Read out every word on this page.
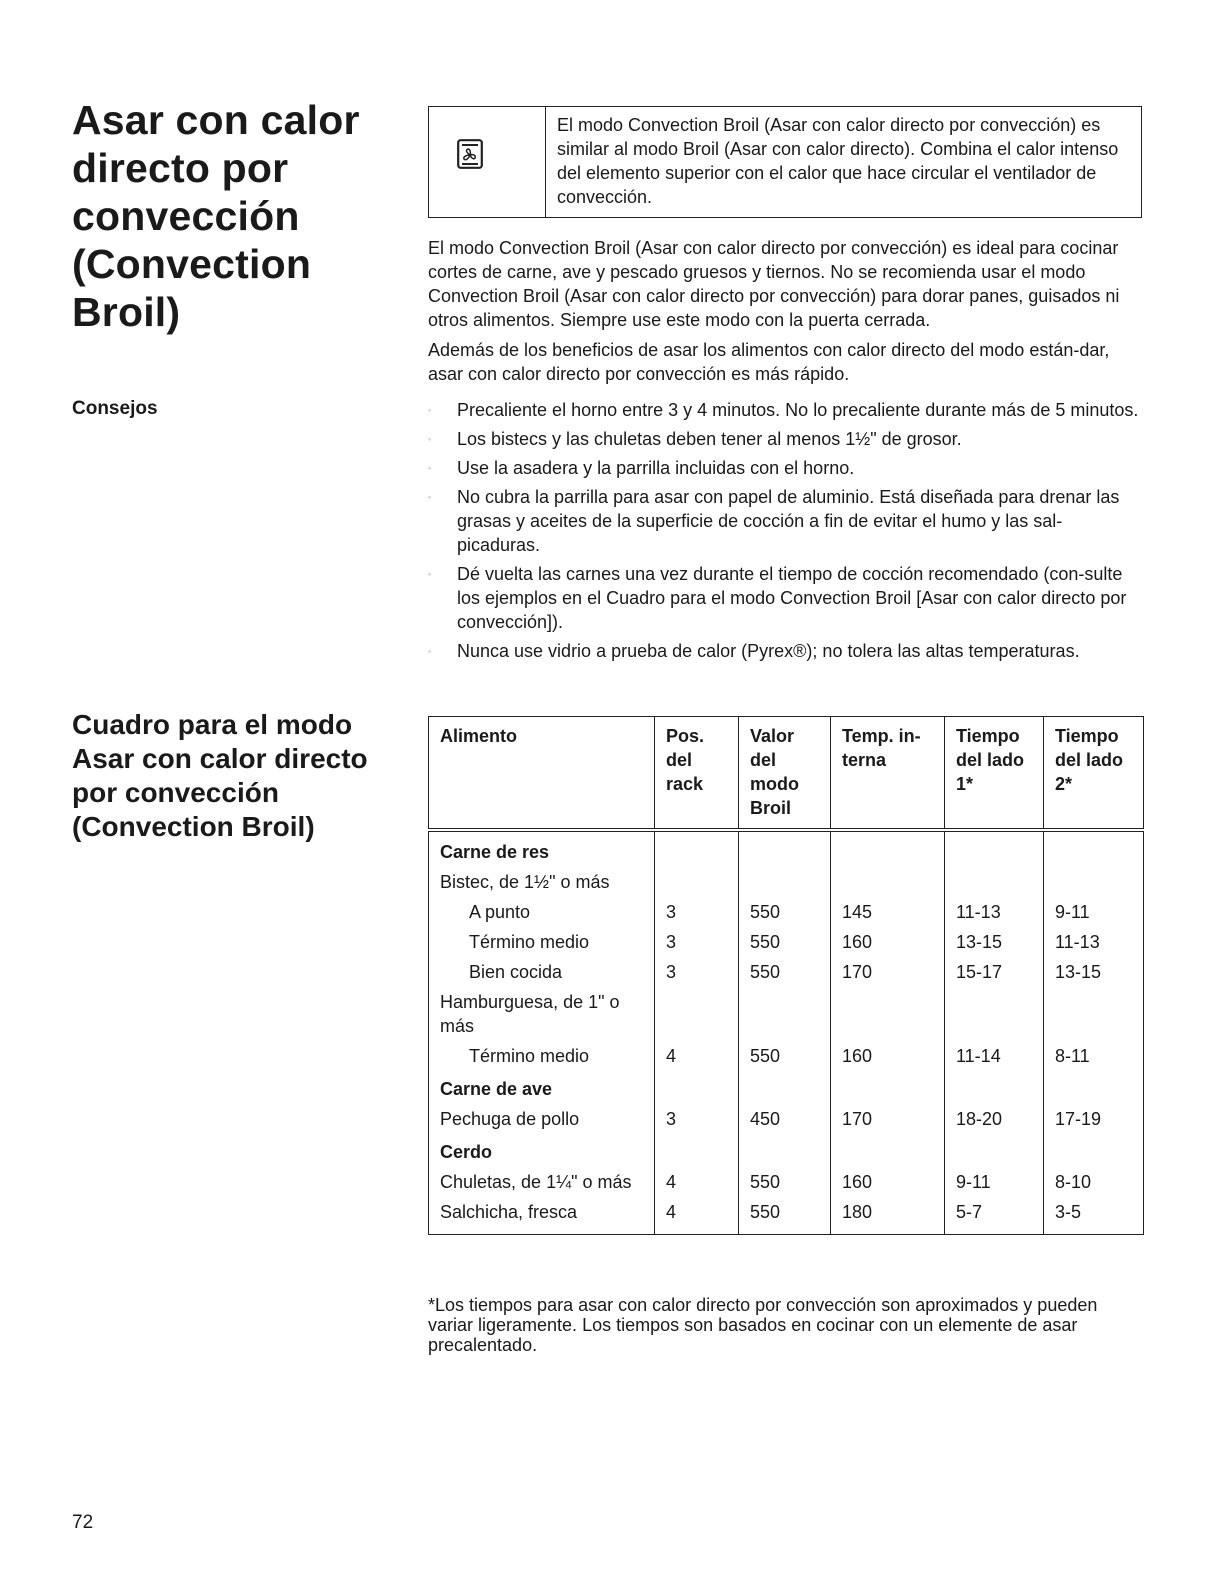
Asar con calor directo por convección (Convection Broil)
Consejos
Cuadro para el modo Asar con calor directo por convección (Convection Broil)
El modo Convection Broil (Asar con calor directo por convección) es similar al modo Broil (Asar con calor directo). Combina el calor intenso del elemento superior con el calor que hace circular el ventilador de convección.

El modo Convection Broil (Asar con calor directo por convección) es ideal para cocinar cortes de carne, ave y pescado gruesos y tiernos. No se recomienda usar el modo Convection Broil (Asar con calor directo por convección) para dorar panes, guisados ni otros alimentos. Siempre use este modo con la puerta cerrada.

Además de los beneficios de asar los alimentos con calor directo del modo están-dar, asar con calor directo por convección es más rápido.

◦ Precaliente el horno entre 3 y 4 minutos. No lo precaliente durante más de 5 minutos.
◦ Los bistecs y las chuletas deben tener al menos 1½" de grosor.
◦ Use la asadera y la parrilla incluidas con el horno.
◦ No cubra la parrilla para asar con papel de aluminio. Está diseñada para drenar las grasas y aceites de la superficie de cocción a fin de evitar el humo y las sal-picaduras.
◦ Dé vuelta las carnes una vez durante el tiempo de cocción recomendado (con-sulte los ejemplos en el Cuadro para el modo Convection Broil [Asar con calor directo por convección]).
◦ Nunca use vidrio a prueba de calor (Pyrex®); no tolera las altas temperaturas.
Alimento	Pos. del rack	Valor del modo Broil	Temp. in-terna	Tiempo del lado 1*	Tiempo del lado 2*
Carne de res					
Bistec, de 1½" o más					
A punto	3	550	145	11-13	9-11
Término medio	3	550	160	13-15	11-13
Bien cocida	3	550	170	15-17	13-15
Hamburguesa, de 1" o más					
Término medio	4	550	160	11-14	8-11
Carne de ave					
Pechuga de pollo	3	450	170	18-20	17-19
Cerdo					
Chuletas, de 1¼" o más	4	550	160	9-11	8-10
Salchicha, fresca	4	550	180	5-7	3-5

*Los tiempos para asar con calor directo por convección son aproximados y pueden variar ligeramente. Los tiempos son basados en cocinar con un elemente de asar precalentado.

72
